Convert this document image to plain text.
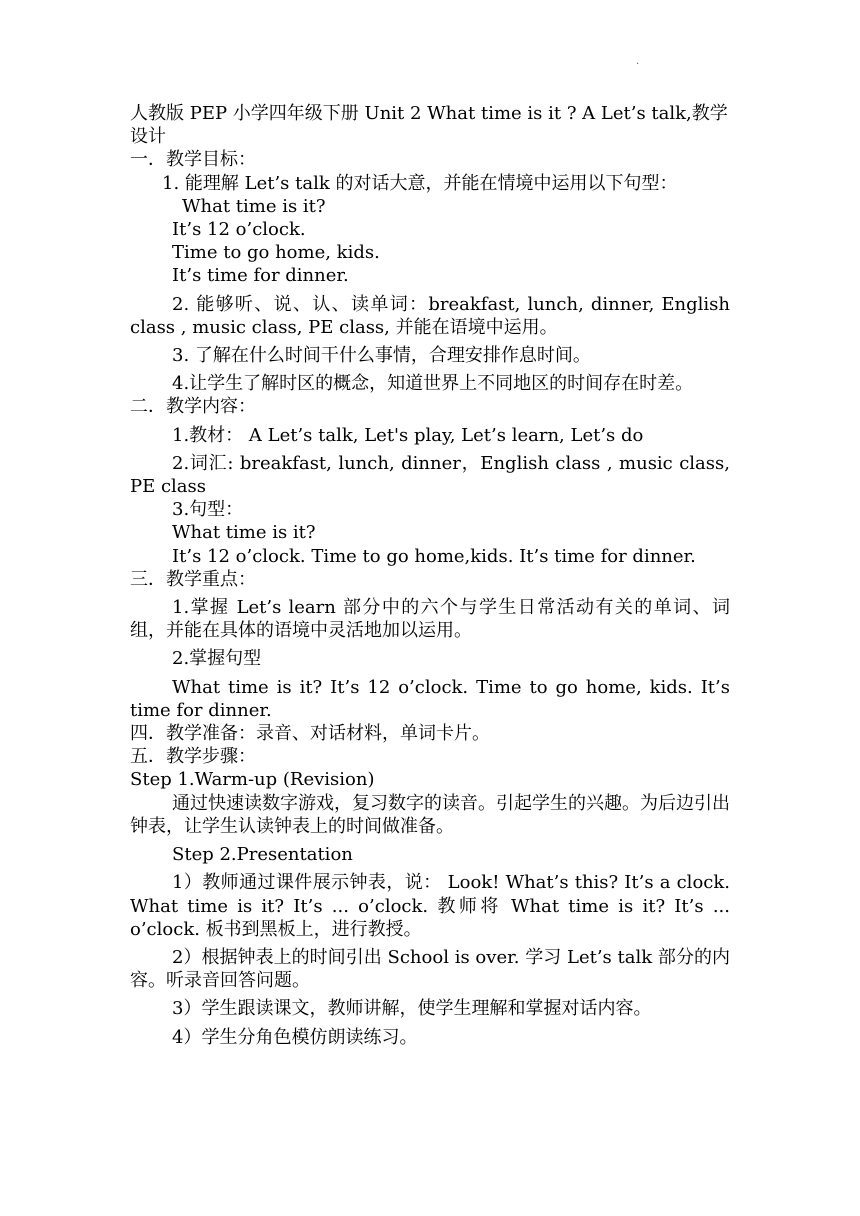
.

人教版 PEP 小学四年级下册 Unit 2 What time is it ? A Let’s talk,教学设计

一．教学目标：

1. 能理解 Let’s talk 的对话大意，并能在情境中运用以下句型：

What time is it?

It’s 12 o’clock.

Time to go home, kids.

It’s time for dinner.

2. 能够听、说、认、读单词：breakfast, lunch, dinner, English class , music class, PE class, 并能在语境中运用。

3. 了解在什么时间干什么事情，合理安排作息时间。

4.让学生了解时区的概念，知道世界上不同地区的时间存在时差。

二．教学内容：

1.教材： A Let’s talk, Let's play, Let’s learn, Let’s do

2.词汇: breakfast, lunch, dinner，English class , music class, PE class

3.句型：

What time is it?

It’s 12 o’clock. Time to go home,kids. It’s time for dinner.

三．教学重点：

1.掌握 Let’s learn 部分中的六个与学生日常活动有关的单词、词组，并能在具体的语境中灵活地加以运用。

2.掌握句型

What time is it? It’s 12 o’clock. Time to go home, kids. It’s time for dinner.

四．教学准备：录音、对话材料，单词卡片。

五．教学步骤：

Step 1.Warm-up (Revision)

通过快速读数字游戏，复习数字的读音。引起学生的兴趣。为后边引出钟表，让学生认读钟表上的时间做准备。

Step 2.Presentation

1）教师通过课件展示钟表，说： Look! What’s this? It’s a clock. What time is it? It’s ... o’clock. 教师将 What time is it? It’s ... o’clock. 板书到黑板上，进行教授。

2）根据钟表上的时间引出 School is over. 学习 Let’s talk 部分的内容。听录音回答问题。

3）学生跟读课文，教师讲解，使学生理解和掌握对话内容。

4）学生分角色模仿朗读练习。
